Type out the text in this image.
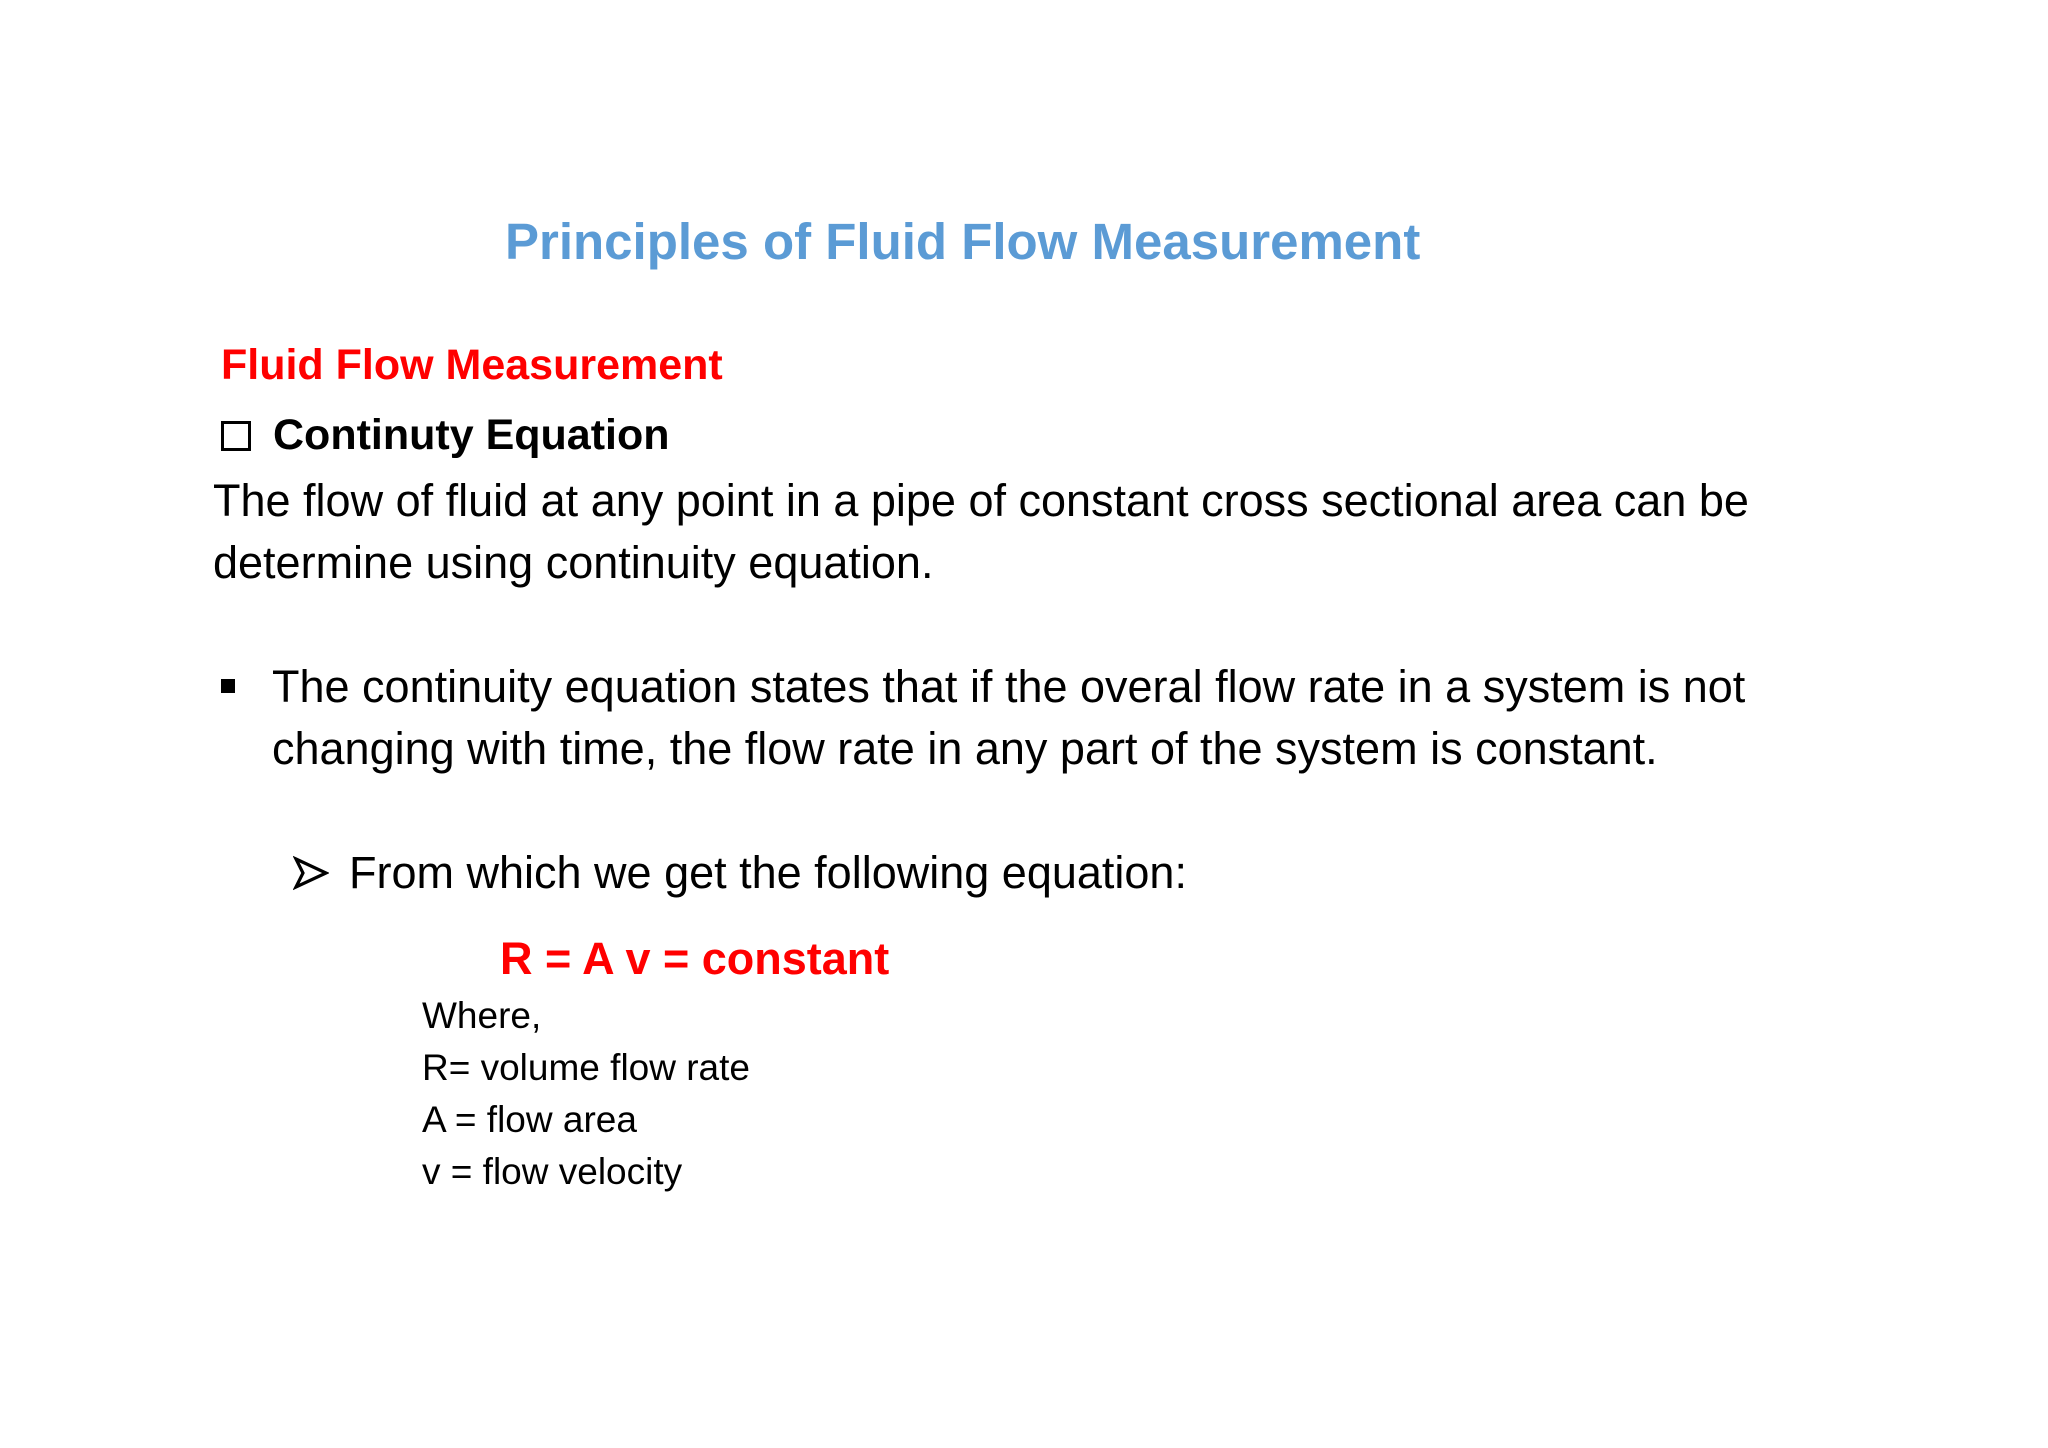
Principles of Fluid Flow Measurement
Fluid Flow Measurement
Continuty Equation
The flow of fluid at any point in a pipe of constant cross sectional area can be determine using continuity equation.
The continuity equation states that if the overal flow rate in a system is not changing with time, the flow rate in any part of the system is constant.
From which we get the following equation:
R = A v = constant
Where,
R= volume flow rate
A = flow area
v = flow velocity
